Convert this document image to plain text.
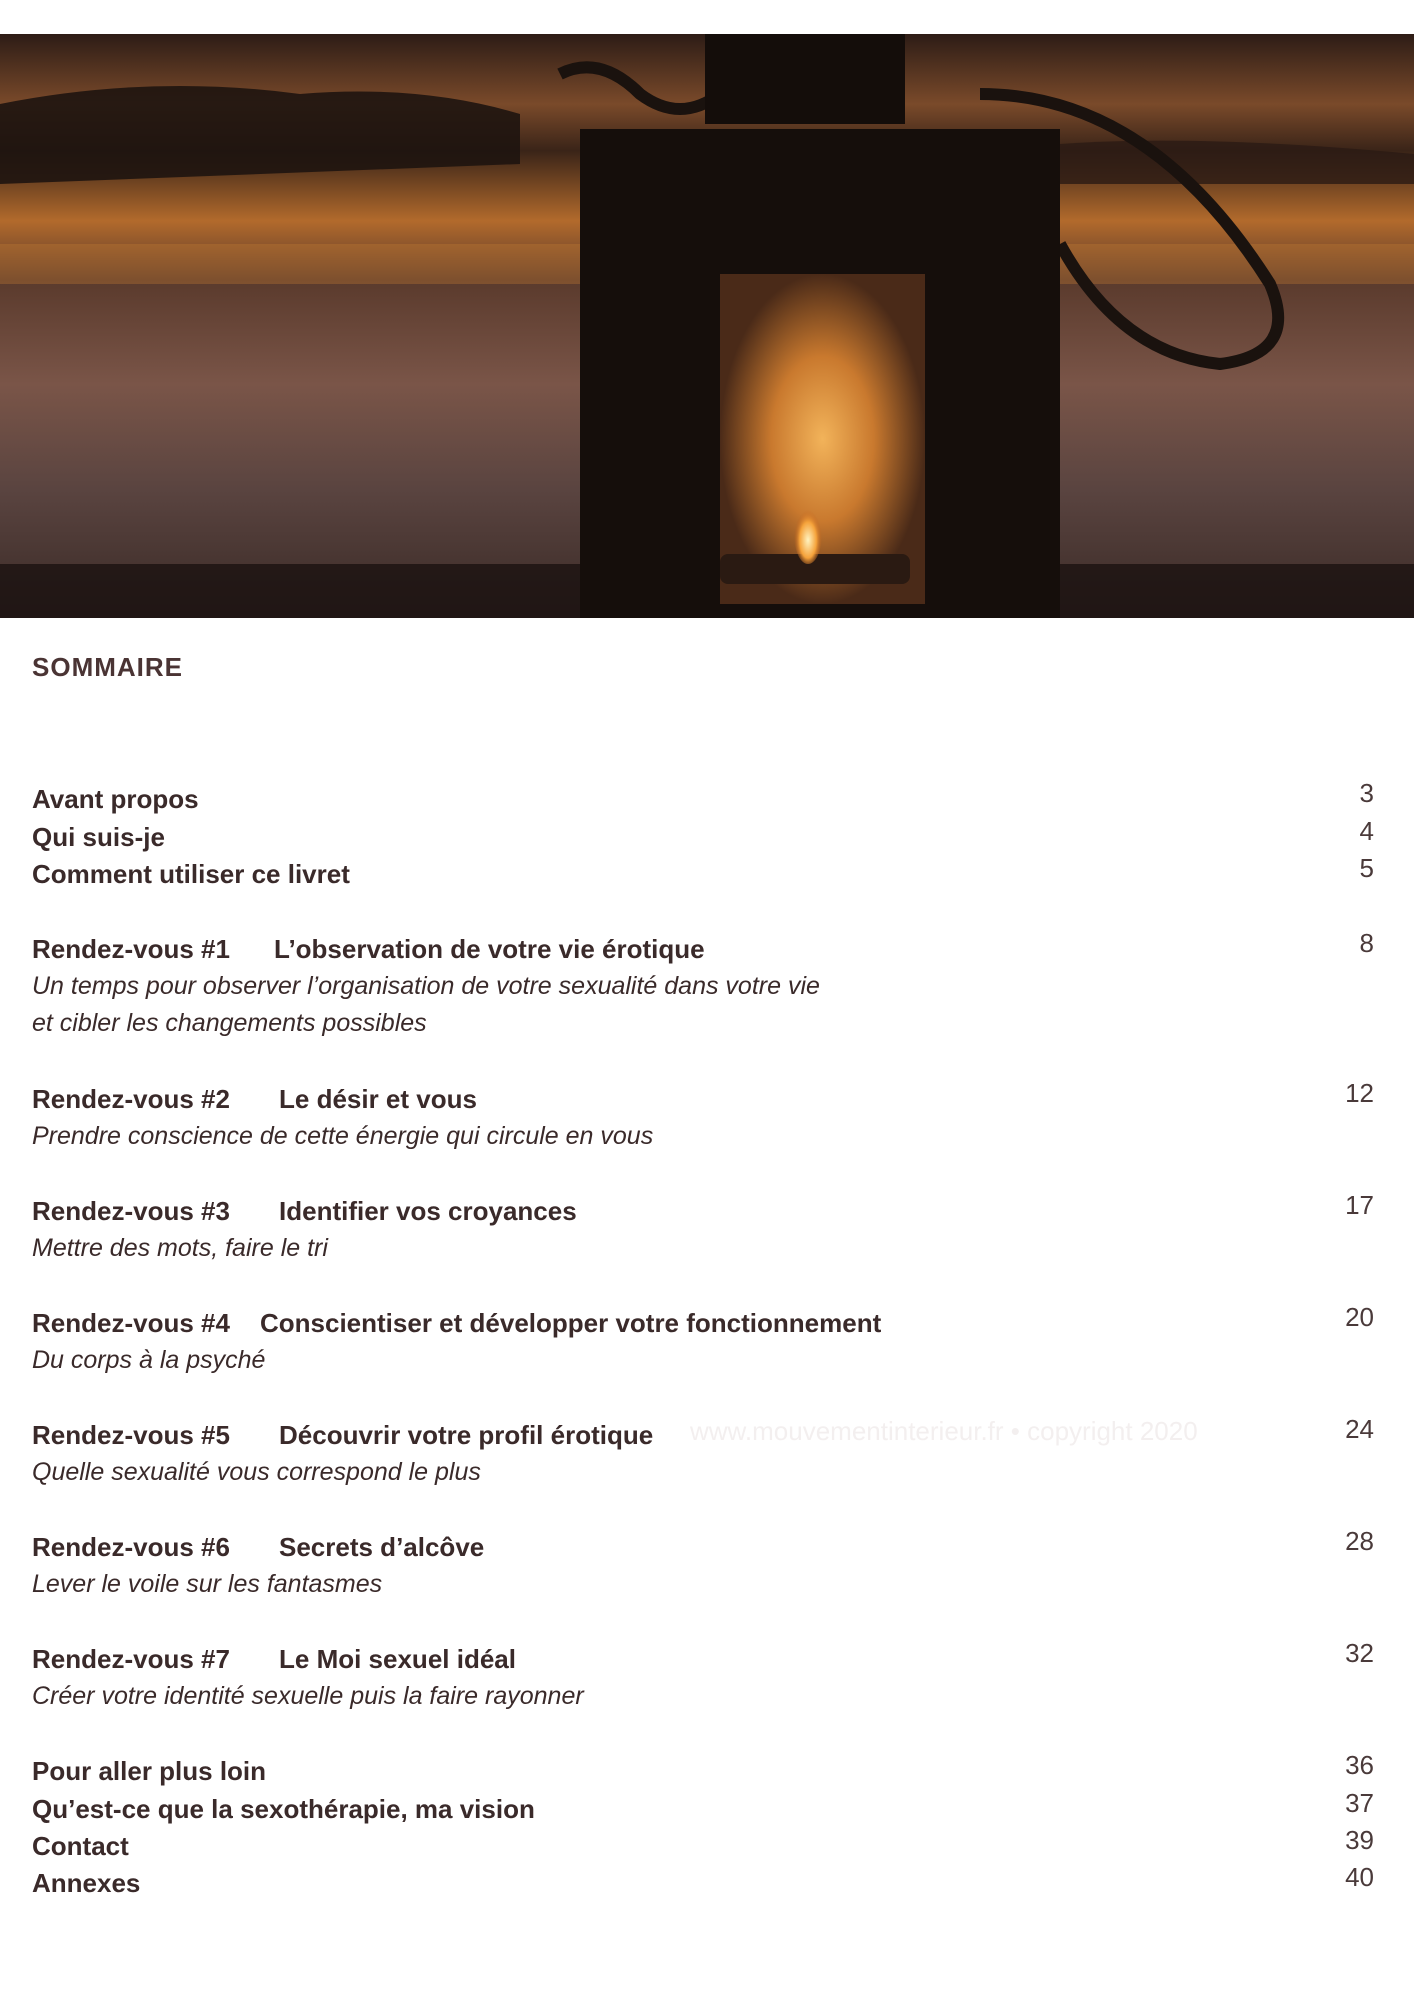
SOMMAIRE
Avant propos	3
Qui suis-je	4
Comment utiliser ce livret	5
Rendez-vous #1 L’observation de votre vie érotique	8
Un temps pour observer l’organisation de votre sexualité dans votre vie
et cibler les changements possibles
Rendez-vous #2 Le désir et vous	12
Prendre conscience de cette énergie qui circule en vous
Rendez-vous #3 Identifier vos croyances	17
Mettre des mots, faire le tri
Rendez-vous #4 Conscientiser et développer votre fonctionnement	20
Du corps à la psyché
Rendez-vous #5 Découvrir votre profil érotique	24
Quelle sexualité vous correspond le plus
Rendez-vous #6 Secrets d’alcôve	28
Lever le voile sur les fantasmes
Rendez-vous #7 Le Moi sexuel idéal	32
Créer votre identité sexuelle puis la faire rayonner
Pour aller plus loin	36
Qu’est-ce que la sexothérapie, ma vision	37
Contact	39
Annexes	40
www.mouvementinterieur.fr • copyright 2020
